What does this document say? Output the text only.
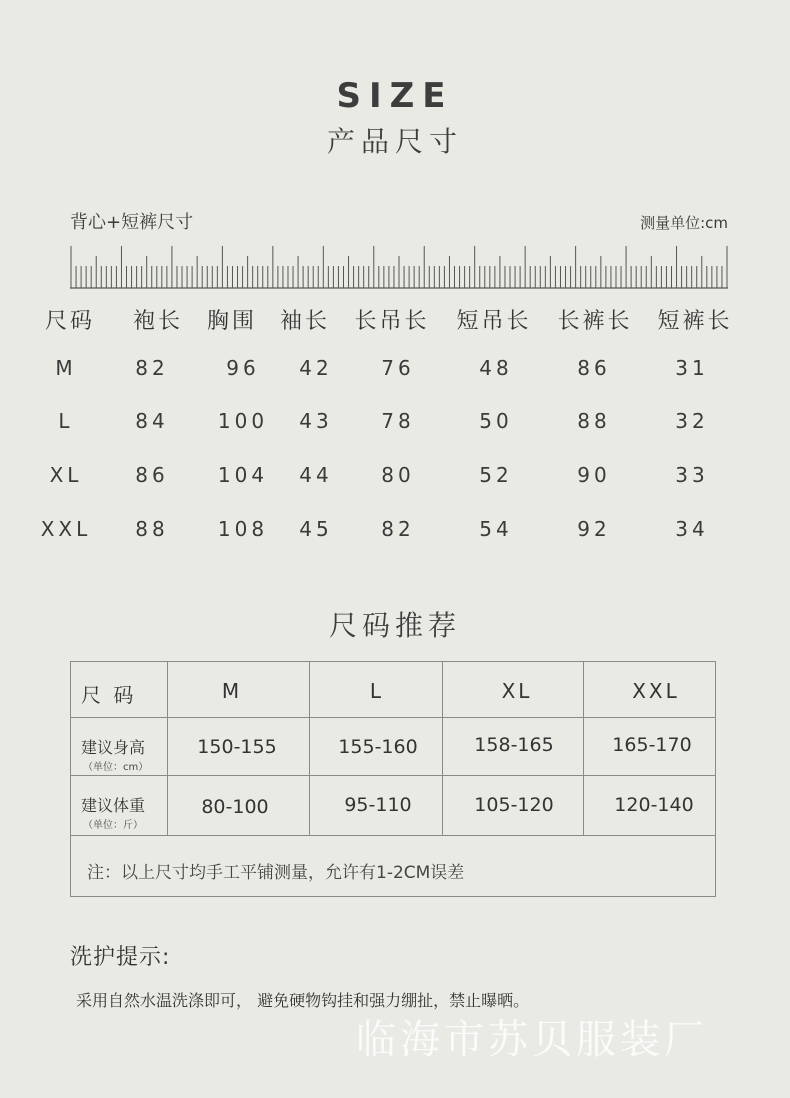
SIZE
产品尺寸
背心+短裤尺寸	测量单位:cm
尺码 袍长 胸围 袖长 长吊长 短吊长 长裤长 短裤长
M	82	96 42 76	48	86	31
L	84 100 43 78	50	88	32
XL	86 104 44 80	52	90	33
XXL 88 108 45 82	54	92	34
尺码推荐
尺 码	M	L	XL	XXL
建议身高
（单位：cm）
150-155	155-160	158-165	165-170
建议体重
（单位：斤）
80-100	95-110	105-120	120-140
注：以上尺寸均手工平铺测量，允许有1-2CM误差
洗护提示:
采用自然水温洗涤即可， 避免硬物钩挂和强力绷扯，禁止曝晒。
临海市苏贝服装厂
